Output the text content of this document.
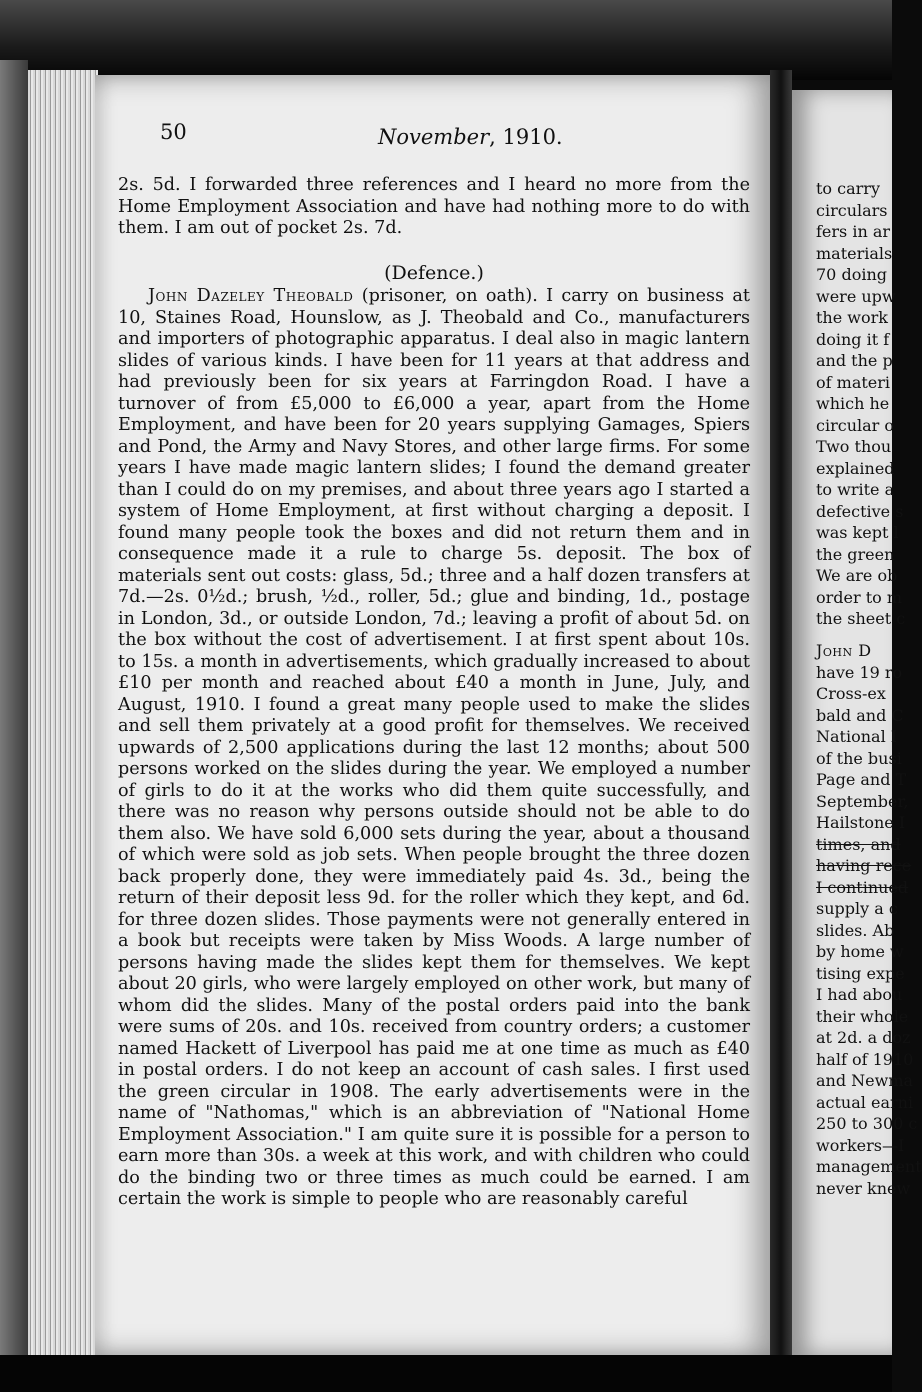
50	November, 1910.

2s. 5d. I forwarded three references and I heard no more from the Home Employment Association and have had nothing more to do with them. I am out of pocket 2s. 7d.

(Defence.)

John Dazeley Theobald (prisoner, on oath). I carry on business at 10, Staines Road, Hounslow, as J. Theobald and Co., manufacturers and importers of photographic apparatus. I deal also in magic lantern slides of various kinds. I have been for 11 years at that address and had previously been for six years at Farringdon Road. I have a turnover of from £5,000 to £6,000 a year, apart from the Home Employment, and have been for 20 years supplying Gamages, Spiers and Pond, the Army and Navy Stores, and other large firms. For some years I have made magic lantern slides; I found the demand greater than I could do on my premises, and about three years ago I started a system of Home Employment, at first without charging a deposit. I found many people took the boxes and did not return them and in consequence made it a rule to charge 5s. deposit. The box of materials sent out costs: glass, 5d.; three and a half dozen transfers at 7d.—2s. 0½d.; brush, ½d., roller, 5d.; glue and binding, 1d., postage in London, 3d., or outside London, 7d.; leaving a profit of about 5d. on the box without the cost of advertisement. I at first spent about 10s. to 15s. a month in advertisements, which gradually increased to about £10 per month and reached about £40 a month in June, July, and August, 1910. I found a great many people used to make the slides and sell them privately at a good profit for themselves. We received upwards of 2,500 applications during the last 12 months; about 500 persons worked on the slides during the year. We employed a number of girls to do it at the works who did them quite successfully, and there was no reason why persons outside should not be able to do them also. We have sold 6,000 sets during the year, about a thousand of which were sold as job sets. When people brought the three dozen back properly done, they were immediately paid 4s. 3d., being the return of their deposit less 9d. for the roller which they kept, and 6d. for three dozen slides. Those payments were not generally entered in a book but receipts were taken by Miss Woods. A large number of persons having made the slides kept them for themselves. We kept about 20 girls, who were largely employed on other work, but many of whom did the slides. Many of the postal orders paid into the bank were sums of 20s. and 10s. received from country orders; a customer named Hackett of Liverpool has paid me at one time as much as £40 in postal orders. I do not keep an account of cash sales. I first used the green circular in 1908. The early advertisements were in the name of "Nathomas," which is an abbreviation of "National Home Employment Association." I am quite sure it is possible for a person to earn more than 30s. a week at this work, and with children who could do the binding two or three times as much could be earned. I am certain the work is simple to people who are reasonably careful

to carry
circulars
fers in ar
materials
70 doing
were upw
the work
doing it f
and the p
of materi
which he
circular o
Two thou
explained
to write a
defective s
was kept l
the green
We are ob
order to m
the sheet c
John D
have 19 ro
Cross-ex
bald and C
National I
of the busi
Page and T
September,
Hailstone I
times, and
having rece
I continued
supply a c
slides. Ab
by home w
tising expe
I had abou
their whole
at 2d. a doz
half of 1910
and Newma
actual earni
250 to 300 c
workers—I
management
never knew
